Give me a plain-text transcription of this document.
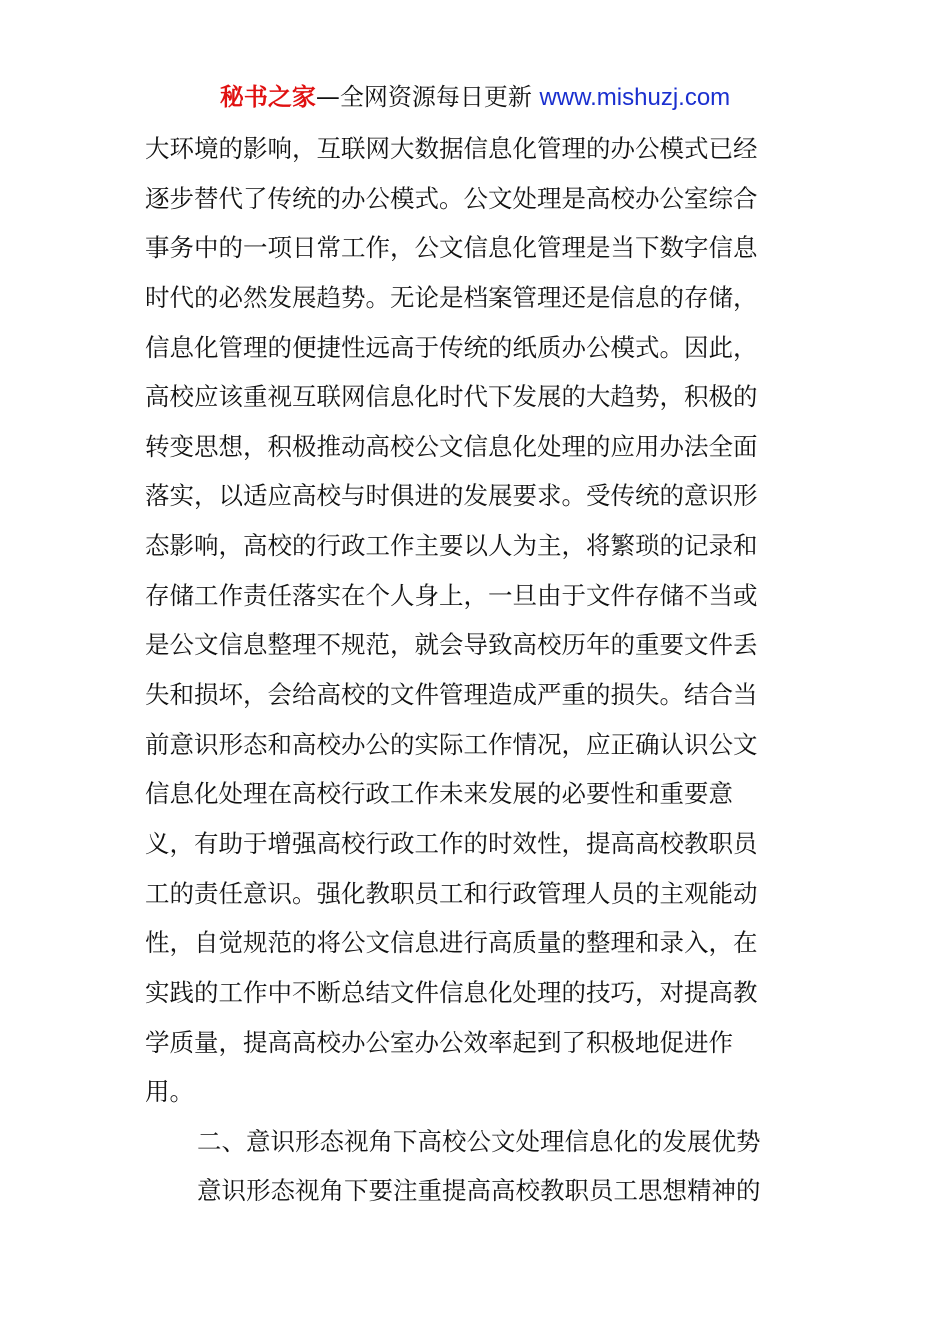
秘书之家—全网资源每日更新 www.mishuzj.com
大环境的影响，互联网大数据信息化管理的办公模式已经
逐步替代了传统的办公模式。公文处理是高校办公室综合
事务中的一项日常工作，公文信息化管理是当下数字信息
时代的必然发展趋势。无论是档案管理还是信息的存储，
信息化管理的便捷性远高于传统的纸质办公模式。因此，
高校应该重视互联网信息化时代下发展的大趋势，积极的
转变思想，积极推动高校公文信息化处理的应用办法全面
落实，以适应高校与时俱进的发展要求。受传统的意识形
态影响，高校的行政工作主要以人为主，将繁琐的记录和
存储工作责任落实在个人身上，一旦由于文件存储不当或
是公文信息整理不规范，就会导致高校历年的重要文件丢
失和损坏，会给高校的文件管理造成严重的损失。结合当
前意识形态和高校办公的实际工作情况，应正确认识公文
信息化处理在高校行政工作未来发展的必要性和重要意
义，有助于增强高校行政工作的时效性，提高高校教职员
工的责任意识。强化教职员工和行政管理人员的主观能动
性，自觉规范的将公文信息进行高质量的整理和录入，在
实践的工作中不断总结文件信息化处理的技巧，对提高教
学质量，提高高校办公室办公效率起到了积极地促进作
用。
二、意识形态视角下高校公文处理信息化的发展优势
意识形态视角下要注重提高高校教职员工思想精神的
